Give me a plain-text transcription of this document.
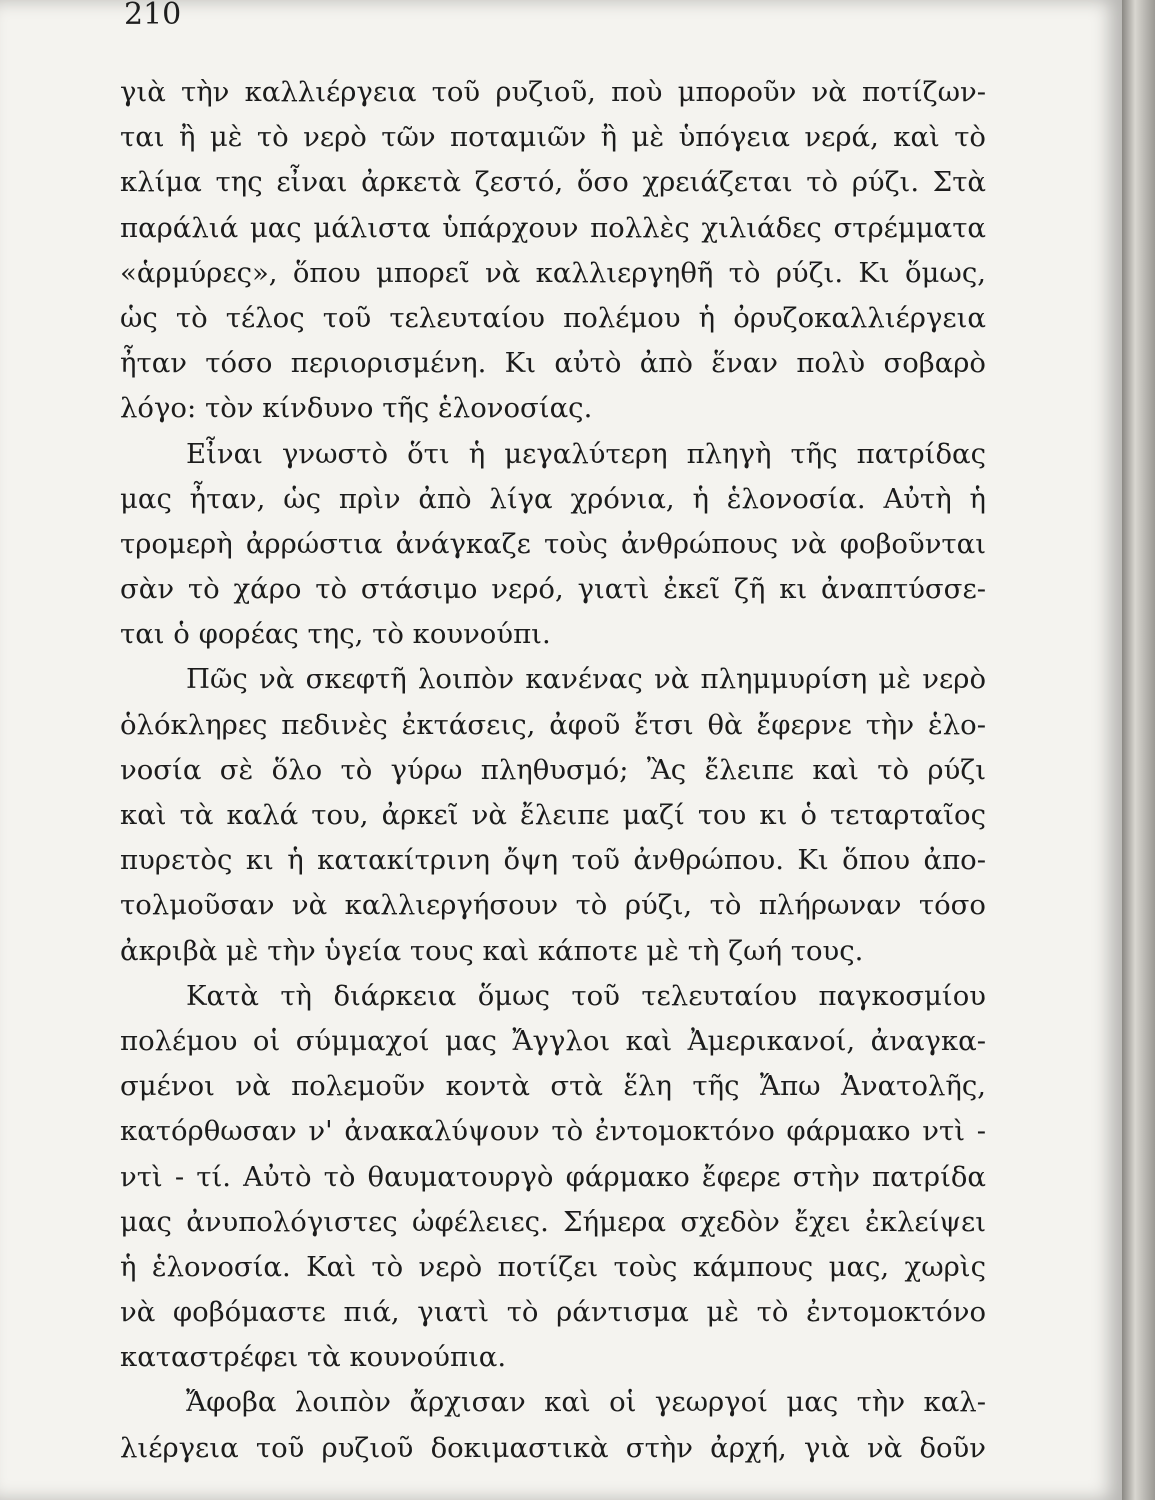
210
γιὰ τὴν καλλιέργεια τοῦ ρυζιοῦ, ποὺ μποροῦν νὰ ποτίζων-
ται ἢ μὲ τὸ νερὸ τῶν ποταμιῶν ἢ μὲ ὑπόγεια νερά, καὶ τὸ
κλίμα της εἶναι ἀρκετὰ ζεστό, ὅσο χρειάζεται τὸ ρύζι. Στὰ
παράλιά μας μάλιστα ὑπάρχουν πολλὲς χιλιάδες στρέμματα
«ἁρμύρες», ὅπου μπορεῖ νὰ καλλιεργηθῆ τὸ ρύζι. Κι ὅμως,
ὡς τὸ τέλος τοῦ τελευταίου πολέμου ἡ ὀρυζοκαλλιέργεια
ἦταν τόσο περιορισμένη. Κι αὐτὸ ἀπὸ ἕναν πολὺ σοβαρὸ
λόγο: τὸν κίνδυνο τῆς ἑλονοσίας.
Εἶναι γνωστὸ ὅτι ἡ μεγαλύτερη πληγὴ τῆς πατρίδας
μας ἦταν, ὡς πρὶν ἀπὸ λίγα χρόνια, ἡ ἑλονοσία. Αὐτὴ ἡ
τρομερὴ ἀρρώστια ἀνάγκαζε τοὺς ἀνθρώπους νὰ φοβοῦνται
σὰν τὸ χάρο τὸ στάσιμο νερό, γιατὶ ἐκεῖ ζῆ κι ἀναπτύσσε-
ται ὁ φορέας της, τὸ κουνούπι.
Πῶς νὰ σκεφτῆ λοιπὸν κανένας νὰ πλημμυρίση μὲ νερὸ
ὁλόκληρες πεδινὲς ἐκτάσεις, ἀφοῦ ἔτσι θὰ ἔφερνε τὴν ἑλο-
νοσία σὲ ὅλο τὸ γύρω πληθυσμό; Ἂς ἔλειπε καὶ τὸ ρύζι
καὶ τὰ καλά του, ἀρκεῖ νὰ ἔλειπε μαζί του κι ὁ τεταρταῖος
πυρετὸς κι ἡ κατακίτρινη ὄψη τοῦ ἀνθρώπου. Κι ὅπου ἀπο-
τολμοῦσαν νὰ καλλιεργήσουν τὸ ρύζι, τὸ πλήρωναν τόσο
ἀκριβὰ μὲ τὴν ὑγεία τους καὶ κάποτε μὲ τὴ ζωή τους.
Κατὰ τὴ διάρκεια ὅμως τοῦ τελευταίου παγκοσμίου
πολέμου οἱ σύμμαχοί μας Ἄγγλοι καὶ Ἀμερικανοί, ἀναγκα-
σμένοι νὰ πολεμοῦν κοντὰ στὰ ἕλη τῆς Ἄπω Ἀνατολῆς,
κατόρθωσαν ν' ἀνακαλύψουν τὸ ἐντομοκτόνο φάρμακο ντὶ -
ντὶ - τί. Αὐτὸ τὸ θαυματουργὸ φάρμακο ἔφερε στὴν πατρίδα
μας ἀνυπολόγιστες ὠφέλειες. Σήμερα σχεδὸν ἔχει ἐκλείψει
ἡ ἑλονοσία. Καὶ τὸ νερὸ ποτίζει τοὺς κάμπους μας, χωρὶς
νὰ φοβόμαστε πιά, γιατὶ τὸ ράντισμα μὲ τὸ ἐντομοκτόνο
καταστρέφει τὰ κουνούπια.
Ἄφοβα λοιπὸν ἄρχισαν καὶ οἱ γεωργοί μας τὴν καλ-
λιέργεια τοῦ ρυζιοῦ δοκιμαστικὰ στὴν ἀρχή, γιὰ νὰ δοῦν
